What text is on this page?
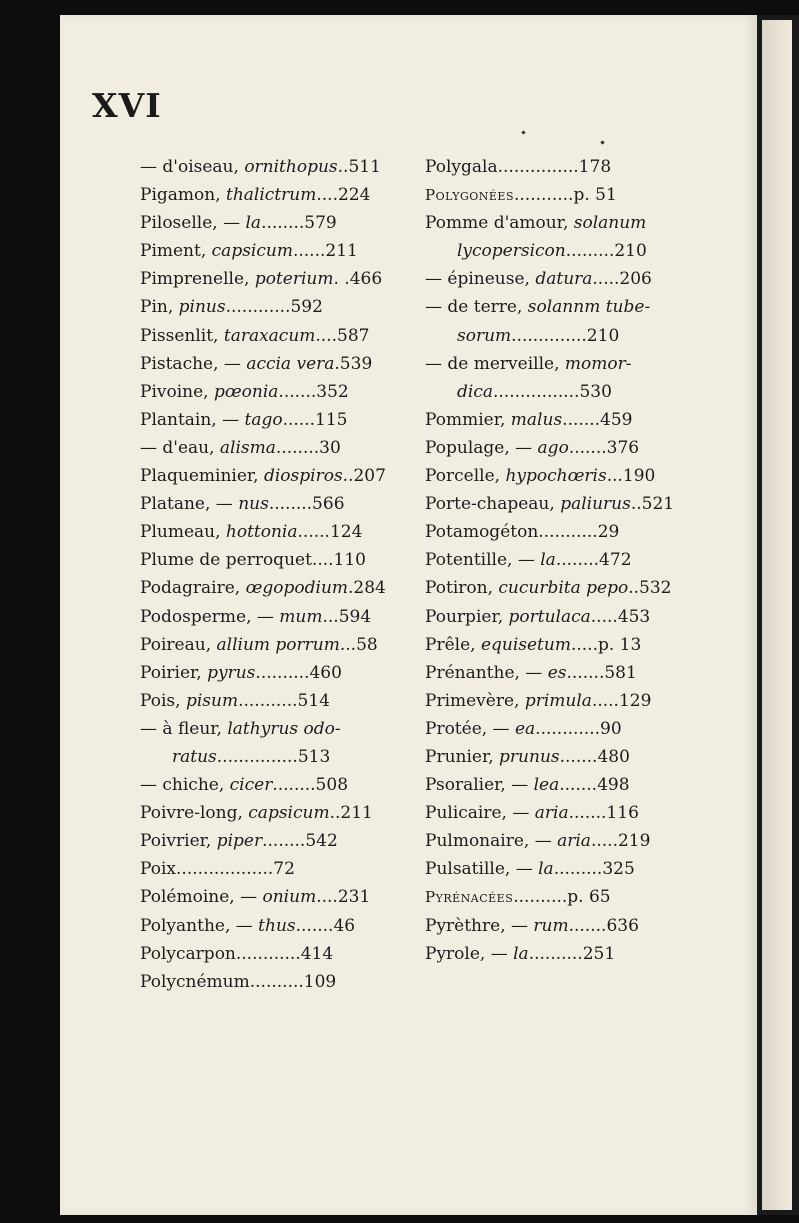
XVI
— d'oiseau, ornithopus..511
Pigamon, thalictrum....224
Piloselle, — la........579
Piment, capsicum......211
Pimprenelle, poterium. .466
Pin, pinus............592
Pissenlit, taraxacum....587
Pistache, — accia vera.539
Pivoine, pœonia.......352
Plantain, — tago......115
— d'eau, alisma........30
Plaqueminier, diospiros..207
Platane, — nus........566
Plumeau, hottonia......124
Plume de perroquet....110
Podagraire, œgopodium.284
Podosperme, — mum...594
Poireau, allium porrum...58
Poirier, pyrus..........460
Pois, pisum...........514
— à fleur, lathyrus odo-
ratus...............513
— chiche, cicer........508
Poivre-long, capsicum..211
Poivrier, piper........542
Poix..................72
Polémoine, — onium....231
Polyanthe, — thus.......46
Polycarpon............414
Polycnémum..........109
Polygala...............178
Polygonées...........p. 51
Pomme d'amour, solanum
lycopersicon.........210
— épineuse, datura.....206
— de terre, solannm tube-
sorum..............210
— de merveille, momor-
dica................530
Pommier, malus.......459
Populage, — ago.......376
Porcelle, hypochœris...190
Porte-chapeau, paliurus..521
Potamogéton...........29
Potentille, — la........472
Potiron, cucurbita pepo..532
Pourpier, portulaca.....453
Prêle, equisetum.....p. 13
Prénanthe, — es.......581
Primevère, primula.....129
Protée, — ea............90
Prunier, prunus.......480
Psoralier, — lea.......498
Pulicaire, — aria.......116
Pulmonaire, — aria.....219
Pulsatille, — la.........325
Pyrénacées..........p. 65
Pyrèthre, — rum.......636
Pyrole, — la..........251
